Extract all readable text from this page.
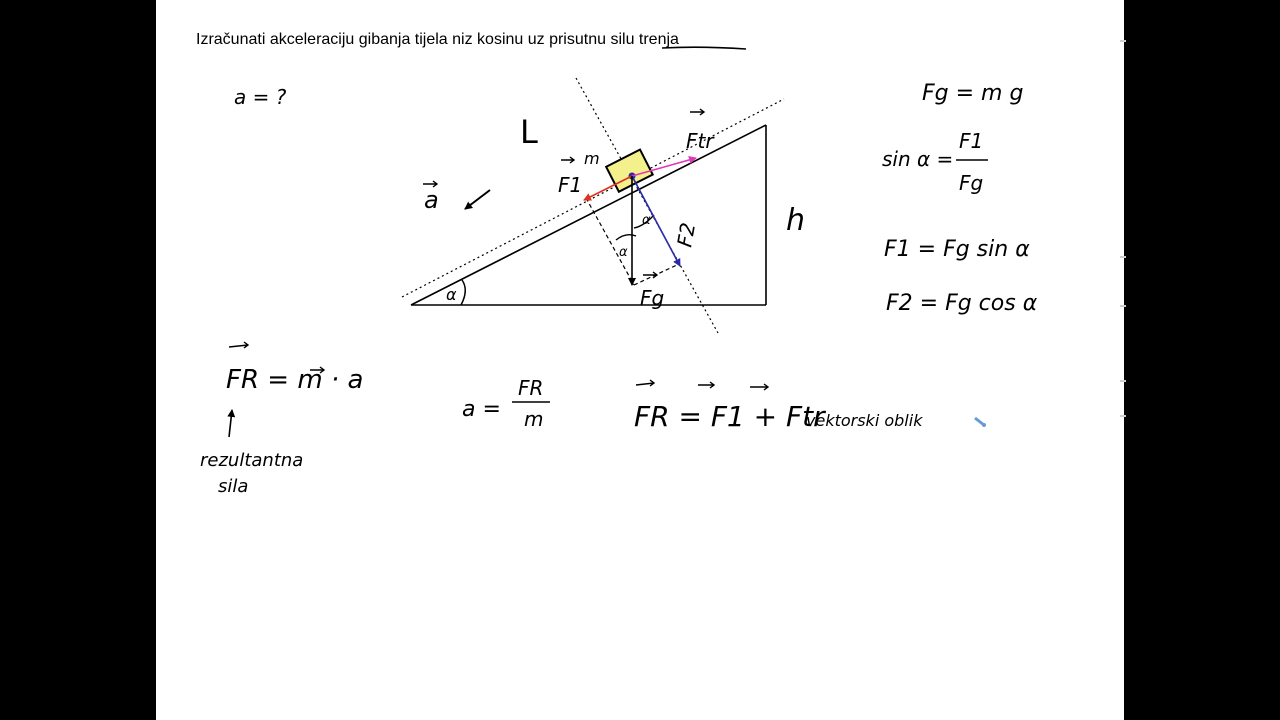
Izračunati akceleraciju gibanja tijela niz kosinu uz prisutnu silu trenja
a = ?
L
h
m
a
α
α
α
F1
Ftr
F2
Fg
Fg = m g
sin α =
F1
Fg
F1 = Fg sin α
F2 = Fg cos α
FR = m · a
rezultantna
sila
a =
FR
m	FR = F1 + Ftr
vektorski oblik
